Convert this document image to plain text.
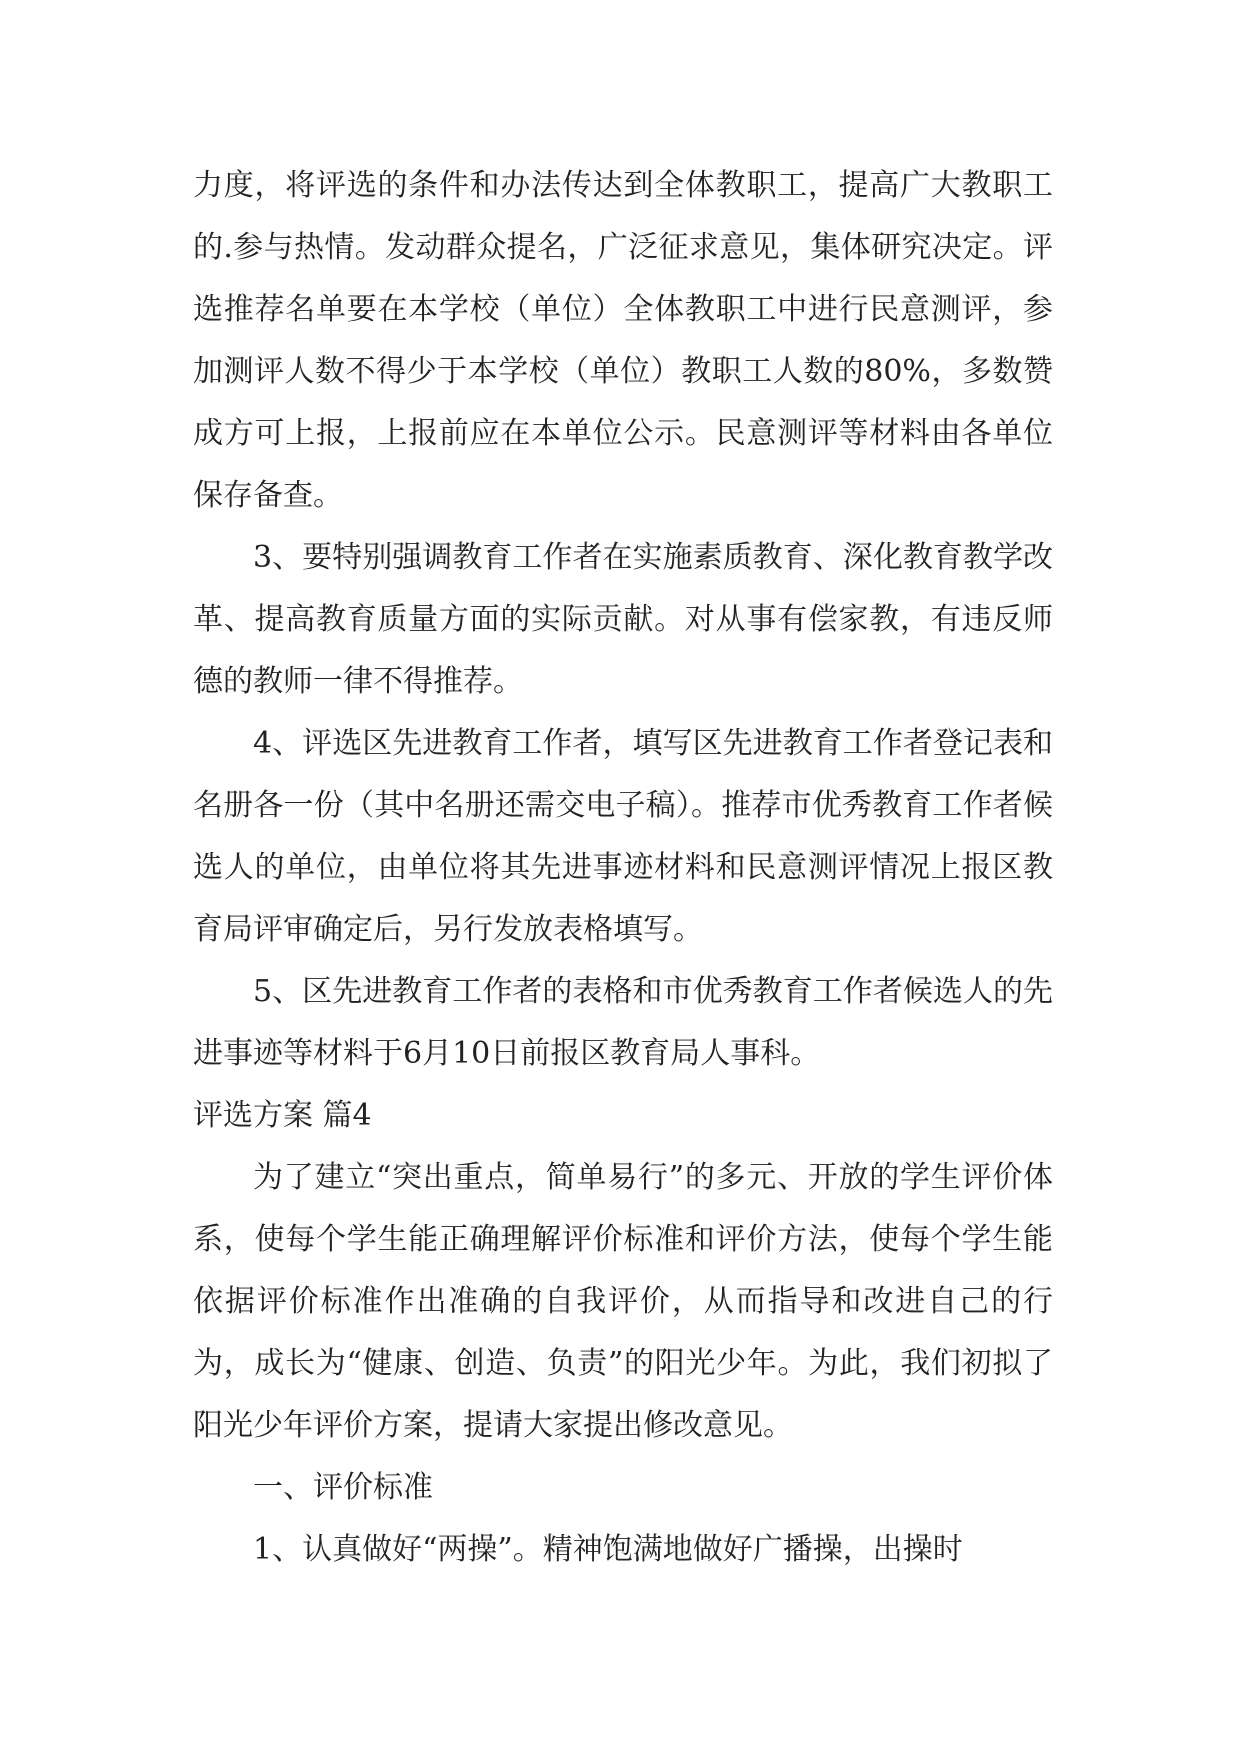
力度，将评选的条件和办法传达到全体教职工，提高广大教职工的.参与热情。发动群众提名，广泛征求意见，集体研究决定。评选推荐名单要在本学校（单位）全体教职工中进行民意测评，参加测评人数不得少于本学校（单位）教职工人数的80%，多数赞成方可上报，上报前应在本单位公示。民意测评等材料由各单位保存备查。

3、要特别强调教育工作者在实施素质教育、深化教育教学改革、提高教育质量方面的实际贡献。对从事有偿家教，有违反师德的教师一律不得推荐。

4、评选区先进教育工作者，填写区先进教育工作者登记表和名册各一份（其中名册还需交电子稿）。推荐市优秀教育工作者候选人的单位，由单位将其先进事迹材料和民意测评情况上报区教育局评审确定后，另行发放表格填写。

5、区先进教育工作者的表格和市优秀教育工作者候选人的先进事迹等材料于6月10日前报区教育局人事科。

评选方案 篇4

为了建立“突出重点，简单易行”的多元、开放的学生评价体系，使每个学生能正确理解评价标准和评价方法，使每个学生能依据评价标准作出准确的自我评价，从而指导和改进自己的行为，成长为“健康、创造、负责”的阳光少年。为此，我们初拟了阳光少年评价方案，提请大家提出修改意见。

一、评价标准

1、认真做好“两操”。精神饱满地做好广播操，出操时
